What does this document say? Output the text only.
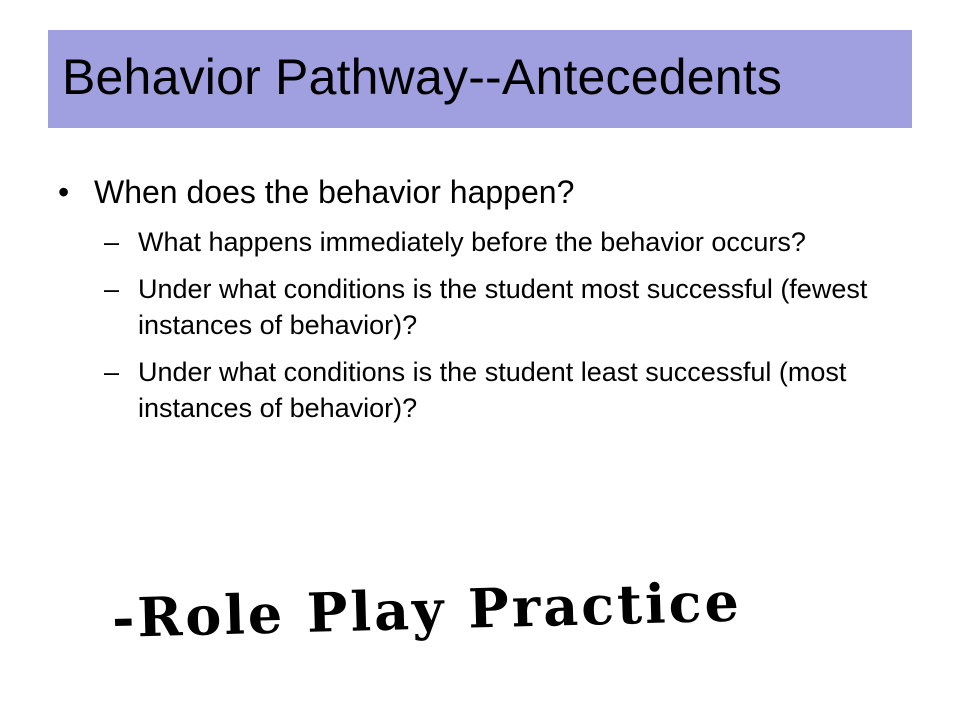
Behavior Pathway--Antecedents
• When does the behavior happen?
– What happens immediately before the behavior occurs?
– Under what conditions is the student most successful (fewest instances of behavior)?
– Under what conditions is the student least successful (most instances of behavior)?
-Role Play Practice
